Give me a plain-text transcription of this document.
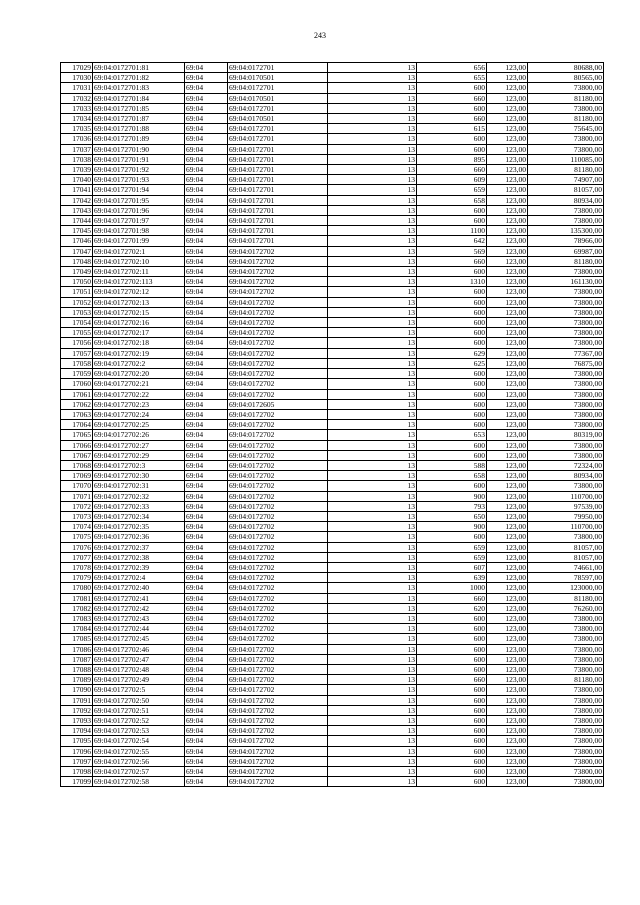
243
17029	69:04:0172701:81	69:04	69:04:0172701	13	656	123,00	80688,00
17030	69:04:0172701:82	69:04	69:04:0170501	13	655	123,00	80565,00
17031	69:04:0172701:83	69:04	69:04:0172701	13	600	123,00	73800,00
17032	69:04:0172701:84	69:04	69:04:0170501	13	660	123,00	81180,00
17033	69:04:0172701:85	69:04	69:04:0172701	13	600	123,00	73800,00
17034	69:04:0172701:87	69:04	69:04:0170501	13	660	123,00	81180,00
17035	69:04:0172701:88	69:04	69:04:0172701	13	615	123,00	75645,00
17036	69:04:0172701:89	69:04	69:04:0172701	13	600	123,00	73800,00
17037	69:04:0172701:90	69:04	69:04:0172701	13	600	123,00	73800,00
17038	69:04:0172701:91	69:04	69:04:0172701	13	895	123,00	110085,00
17039	69:04:0172701:92	69:04	69:04:0172701	13	660	123,00	81180,00
17040	69:04:0172701:93	69:04	69:04:0172701	13	609	123,00	74907,00
17041	69:04:0172701:94	69:04	69:04:0172701	13	659	123,00	81057,00
17042	69:04:0172701:95	69:04	69:04:0172701	13	658	123,00	80934,00
17043	69:04:0172701:96	69:04	69:04:0172701	13	600	123,00	73800,00
17044	69:04:0172701:97	69:04	69:04:0172701	13	600	123,00	73800,00
17045	69:04:0172701:98	69:04	69:04:0172701	13	1100	123,00	135300,00
17046	69:04:0172701:99	69:04	69:04:0172701	13	642	123,00	78966,00
17047	69:04:0172702:1	69:04	69:04:0172702	13	569	123,00	69987,00
17048	69:04:0172702:10	69:04	69:04:0172702	13	660	123,00	81180,00
17049	69:04:0172702:11	69:04	69:04:0172702	13	600	123,00	73800,00
17050	69:04:0172702:113	69:04	69:04:0172702	13	1310	123,00	161130,00
17051	69:04:0172702:12	69:04	69:04:0172702	13	600	123,00	73800,00
17052	69:04:0172702:13	69:04	69:04:0172702	13	600	123,00	73800,00
17053	69:04:0172702:15	69:04	69:04:0172702	13	600	123,00	73800,00
17054	69:04:0172702:16	69:04	69:04:0172702	13	600	123,00	73800,00
17055	69:04:0172702:17	69:04	69:04:0172702	13	600	123,00	73800,00
17056	69:04:0172702:18	69:04	69:04:0172702	13	600	123,00	73800,00
17057	69:04:0172702:19	69:04	69:04:0172702	13	629	123,00	77367,00
17058	69:04:0172702:2	69:04	69:04:0172702	13	625	123,00	76875,00
17059	69:04:0172702:20	69:04	69:04:0172702	13	600	123,00	73800,00
17060	69:04:0172702:21	69:04	69:04:0172702	13	600	123,00	73800,00
17061	69:04:0172702:22	69:04	69:04:0172702	13	600	123,00	73800,00
17062	69:04:0172702:23	69:04	69:04:0172605	13	600	123,00	73800,00
17063	69:04:0172702:24	69:04	69:04:0172702	13	600	123,00	73800,00
17064	69:04:0172702:25	69:04	69:04:0172702	13	600	123,00	73800,00
17065	69:04:0172702:26	69:04	69:04:0172702	13	653	123,00	80319,00
17066	69:04:0172702:27	69:04	69:04:0172702	13	600	123,00	73800,00
17067	69:04:0172702:29	69:04	69:04:0172702	13	600	123,00	73800,00
17068	69:04:0172702:3	69:04	69:04:0172702	13	588	123,00	72324,00
17069	69:04:0172702:30	69:04	69:04:0172702	13	658	123,00	80934,00
17070	69:04:0172702:31	69:04	69:04:0172702	13	600	123,00	73800,00
17071	69:04:0172702:32	69:04	69:04:0172702	13	900	123,00	110700,00
17072	69:04:0172702:33	69:04	69:04:0172702	13	793	123,00	97539,00
17073	69:04:0172702:34	69:04	69:04:0172702	13	650	123,00	79950,00
17074	69:04:0172702:35	69:04	69:04:0172702	13	900	123,00	110700,00
17075	69:04:0172702:36	69:04	69:04:0172702	13	600	123,00	73800,00
17076	69:04:0172702:37	69:04	69:04:0172702	13	659	123,00	81057,00
17077	69:04:0172702:38	69:04	69:04:0172702	13	659	123,00	81057,00
17078	69:04:0172702:39	69:04	69:04:0172702	13	607	123,00	74661,00
17079	69:04:0172702:4	69:04	69:04:0172702	13	639	123,00	78597,00
17080	69:04:0172702:40	69:04	69:04:0172702	13	1000	123,00	123000,00
17081	69:04:0172702:41	69:04	69:04:0172702	13	660	123,00	81180,00
17082	69:04:0172702:42	69:04	69:04:0172702	13	620	123,00	76260,00
17083	69:04:0172702:43	69:04	69:04:0172702	13	600	123,00	73800,00
17084	69:04:0172702:44	69:04	69:04:0172702	13	600	123,00	73800,00
17085	69:04:0172702:45	69:04	69:04:0172702	13	600	123,00	73800,00
17086	69:04:0172702:46	69:04	69:04:0172702	13	600	123,00	73800,00
17087	69:04:0172702:47	69:04	69:04:0172702	13	600	123,00	73800,00
17088	69:04:0172702:48	69:04	69:04:0172702	13	600	123,00	73800,00
17089	69:04:0172702:49	69:04	69:04:0172702	13	660	123,00	81180,00
17090	69:04:0172702:5	69:04	69:04:0172702	13	600	123,00	73800,00
17091	69:04:0172702:50	69:04	69:04:0172702	13	600	123,00	73800,00
17092	69:04:0172702:51	69:04	69:04:0172702	13	600	123,00	73800,00
17093	69:04:0172702:52	69:04	69:04:0172702	13	600	123,00	73800,00
17094	69:04:0172702:53	69:04	69:04:0172702	13	600	123,00	73800,00
17095	69:04:0172702:54	69:04	69:04:0172702	13	600	123,00	73800,00
17096	69:04:0172702:55	69:04	69:04:0172702	13	600	123,00	73800,00
17097	69:04:0172702:56	69:04	69:04:0172702	13	600	123,00	73800,00
17098	69:04:0172702:57	69:04	69:04:0172702	13	600	123,00	73800,00
17099	69:04:0172702:58	69:04	69:04:0172702	13	600	123,00	73800,00
